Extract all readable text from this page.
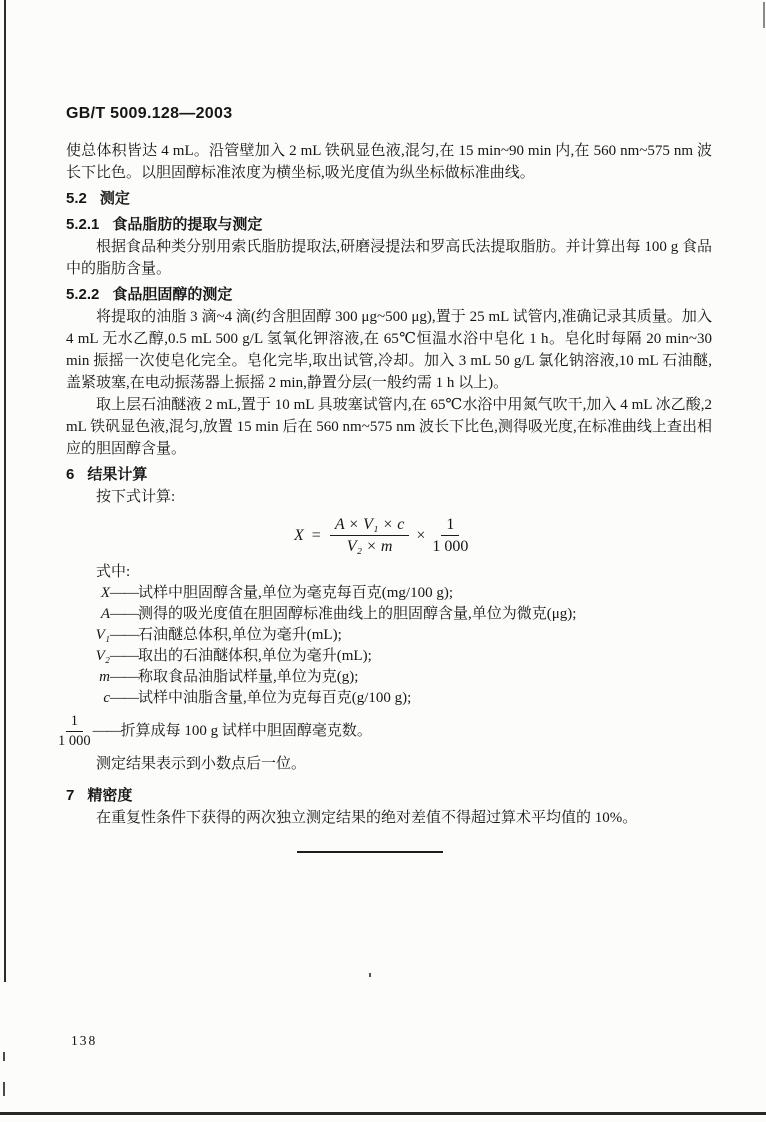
GB/T 5009.128—2003

使总体积皆达 4 mL。沿管壁加入 2 mL 铁矾显色液,混匀,在 15 min~90 min 内,在 560 nm~575 nm 波长下比色。以胆固醇标准浓度为横坐标,吸光度值为纵坐标做标准曲线。

5.2 测定
5.2.1 食品脂肪的提取与测定

根据食品种类分别用索氏脂肪提取法,研磨浸提法和罗高氏法提取脂肪。并计算出每 100 g 食品中的脂肪含量。

5.2.2 食品胆固醇的测定

将提取的油脂 3 滴~4 滴(约含胆固醇 300 μg~500 μg),置于 25 mL 试管内,准确记录其质量。加入 4 mL 无水乙醇,0.5 mL 500 g/L 氢氧化钾溶液,在 65℃恒温水浴中皂化 1 h。皂化时每隔 20 min~30 min 振摇一次使皂化完全。皂化完毕,取出试管,冷却。加入 3 mL 50 g/L 氯化钠溶液,10 mL 石油醚,盖紧玻塞,在电动振荡器上振摇 2 min,静置分层(一般约需 1 h 以上)。

取上层石油醚液 2 mL,置于 10 mL 具玻塞试管内,在 65℃水浴中用氮气吹干,加入 4 mL 冰乙酸,2 mL 铁矾显色液,混匀,放置 15 min 后在 560 nm~575 nm 波长下比色,测得吸光度,在标准曲线上查出相应的胆固醇含量。

6 结果计算

按下式计算:

$X = \frac{\text{A × V₁ × c}}{\text{V₂ × m}} \times \frac{1}{1 000}$

式中:

X —— 试样中胆固醇含量,单位为毫克每百克(mg/100 g);
A —— 测得的吸光度值在胆固醇标准曲线上的胆固醇含量,单位为微克(μg);
V₁ —— 石油醚总体积,单位为毫升(mL);
V₂ —— 取出的石油醚体积,单位为毫升(mL);
m —— 称取食品油脂试样量,单位为克(g);
c —— 试样中油脂含量,单位为克每百克(g/100 g);
$\frac{1}{1 000}$ —— 折算成每 100 g 试样中胆固醇毫克数。

测定结果表示到小数点后一位。

7 精密度

在重复性条件下获得的两次独立测定结果的绝对差值不得超过算术平均值的 10%。

138
